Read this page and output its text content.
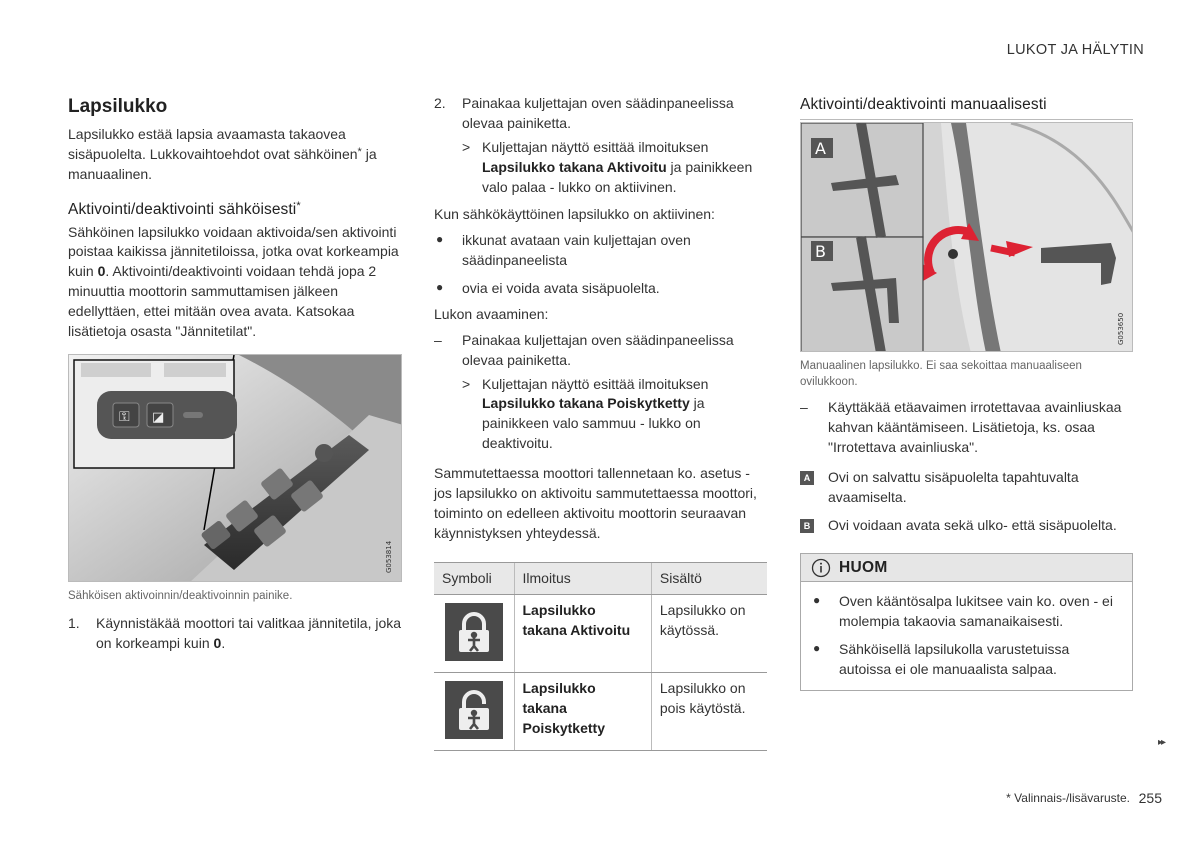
LUKOT JA HÄLYTIN
Lapsilukko

Lapsilukko estää lapsia avaamasta takaovea sisäpuolelta. Lukkovaihtoehdot ovat sähköinen* ja manuaalinen.

Aktivointi/deaktivointi sähköisesti*

Sähköinen lapsilukko voidaan aktivoida/sen aktivointi poistaa kaikissa jännitetiloissa, jotka ovat korkeampia kuin 0. Aktivointi/deaktivointi voidaan tehdä jopa 2 minuuttia moottorin sammuttamisen jälkeen edellyttäen, ettei mitään ovea avata. Katsokaa lisätietoja osasta "Jännitetilat".

⚿ ◪
G053814
Sähköisen aktivoinnin/deaktivoinnin painike.
1.	Käynnistäkää moottori tai valitkaa jännitetila, joka on korkeampi kuin 0.
2.	Painakaa kuljettajan oven säädinpaneelissa olevaa painiketta.
> Kuljettajan näyttö esittää ilmoituksen Lapsilukko takana Aktivoitu ja painikkeen valo palaa - lukko on aktiivinen.

Kun sähkökäyttöinen lapsilukko on aktiivinen:

●	ikkunat avataan vain kuljettajan oven säädinpaneelista
●	ovia ei voida avata sisäpuolelta.

Lukon avaaminen:

–	Painakaa kuljettajan oven säädinpaneelissa olevaa painiketta.
> Kuljettajan näyttö esittää ilmoituksen Lapsilukko takana Poiskytketty ja painikkeen valo sammuu - lukko on deaktivoitu.

Sammutettaessa moottori tallennetaan ko. asetus - jos lapsilukko on aktivoitu sammutettaessa moottori, toiminto on edelleen aktivoitu moottorin seuraavan käynnistyksen yhteydessä.

Symboli	Ilmoitus	Sisältö

	Lapsilukko takana Aktivoitu	Lapsilukko on käytössä.

	Lapsilukko takana Poiskytketty	Lapsilukko on pois käytöstä.
Aktivointi/deaktivointi manuaalisesti
A
B
G053650
Manuaalinen lapsilukko. Ei saa sekoittaa manuaaliseen ovilukkoon.
–	Käyttäkää etäavaimen irrotettavaa avainliuskaa kahvan kääntämiseen. Lisätietoja, ks. osaa "Irrotettava avainliuska".
A Ovi on salvattu sisäpuolelta tapahtuvalta avaamiselta.
B Ovi voidaan avata sekä ulko- että sisäpuolelta.
HUOM
●	Oven kääntösalpa lukitsee vain ko. oven - ei molempia takaovia samanaikaisesti.
●	Sähköisellä lapsilukolla varustetuissa autoissa ei ole manuaalista salpaa.
▸▸
* Valinnais-/lisävaruste. 255
